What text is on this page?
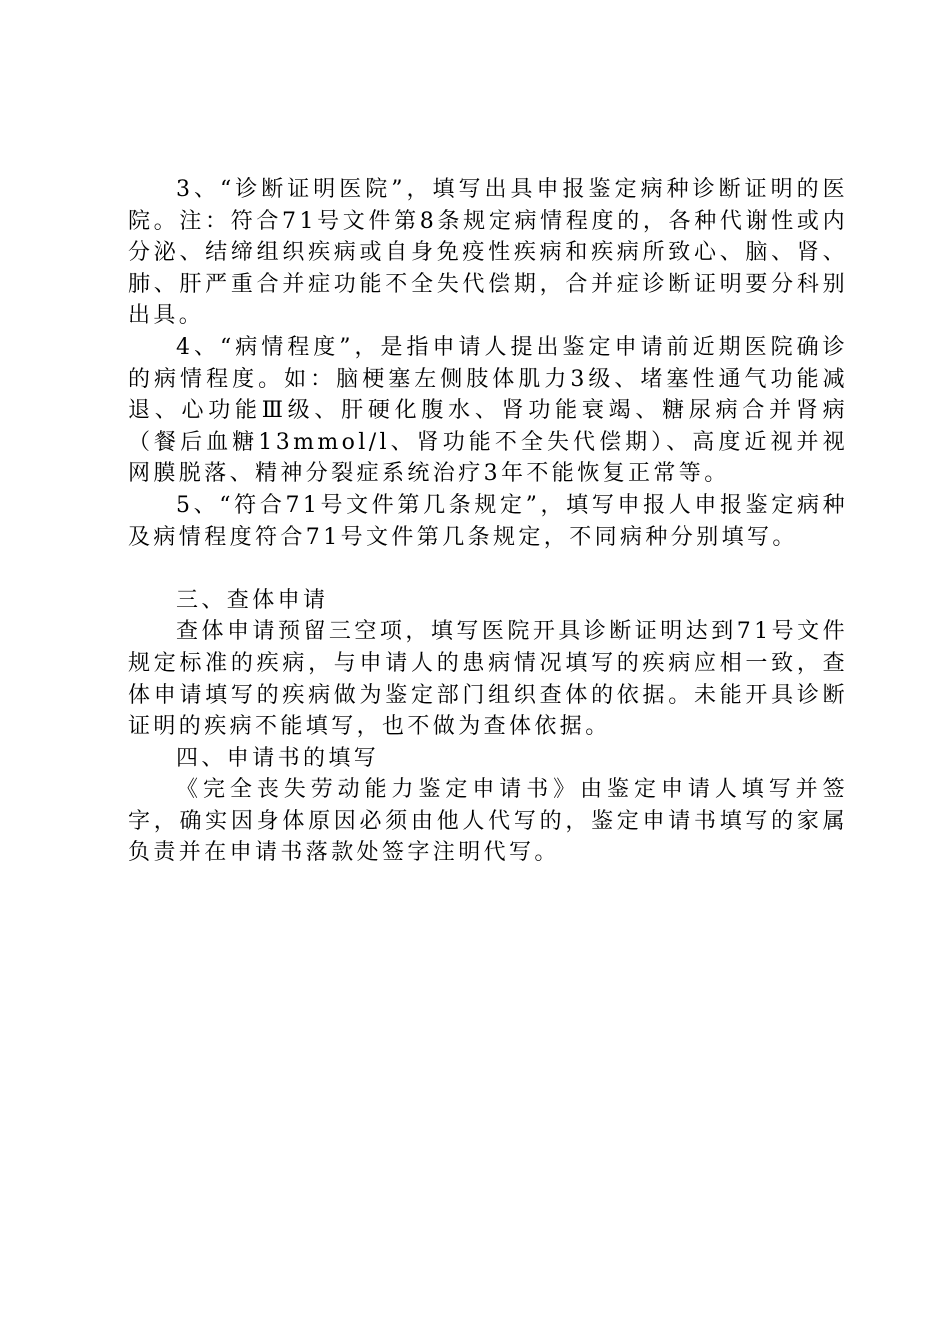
3、“诊断证明医院”，填写出具申报鉴定病种诊断证明的医院。注：符合71号文件第8条规定病情程度的，各种代谢性或内分泌、结缔组织疾病或自身免疫性疾病和疾病所致心、脑、肾、肺、肝严重合并症功能不全失代偿期，合并症诊断证明要分科别出具。

4、“病情程度”，是指申请人提出鉴定申请前近期医院确诊的病情程度。如：脑梗塞左侧肢体肌力3级、堵塞性通气功能减退、心功能Ⅲ级、肝硬化腹水、肾功能衰竭、糖尿病合并肾病（餐后血糖13mmol/l、肾功能不全失代偿期）、高度近视并视网膜脱落、精神分裂症系统治疗3年不能恢复正常等。

5、“符合71号文件第几条规定”，填写申报人申报鉴定病种及病情程度符合71号文件第几条规定，不同病种分别填写。

三、查体申请

查体申请预留三空项，填写医院开具诊断证明达到71号文件规定标准的疾病，与申请人的患病情况填写的疾病应相一致，查体申请填写的疾病做为鉴定部门组织查体的依据。未能开具诊断证明的疾病不能填写，也不做为查体依据。

四、申请书的填写

《完全丧失劳动能力鉴定申请书》由鉴定申请人填写并签字，确实因身体原因必须由他人代写的，鉴定申请书填写的家属负责并在申请书落款处签字注明代写。
